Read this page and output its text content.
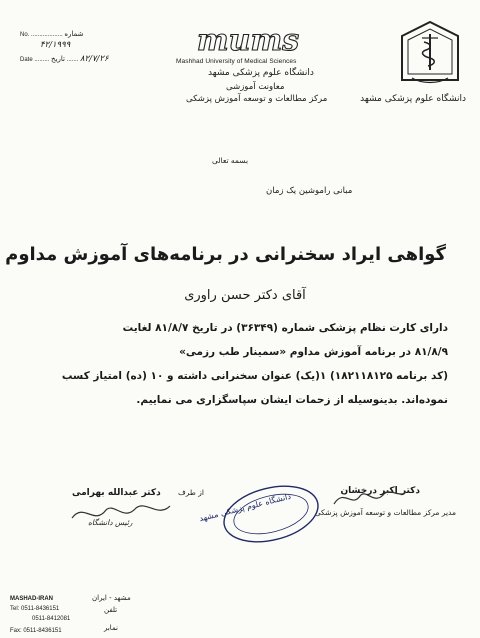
دانشگاه علوم پزشکی مشهد
mums
Mashhad University of Medical Sciences
دانشگاه علوم پزشکی مشهد
معاونت آموزشی
مرکز مطالعات و توسعه آموزش پزشکی
No. ................... شماره
۴۲/۱۹۹۹
Date .........	۸۲/۷/۲۶ ....... تاریخ
بسمه تعالی
مبانی راموشین یک زمان
گواهی ایراد سخنرانی در برنامه‌های آموزش مداوم
آقای دکتر حسن راوری
دارای کارت نظام پزشکی شماره (۳۶۳۴۹) در تاریخ ۸۱/۸/۷ لغایت
۸۱/۸/۹ در برنامه آموزش مداوم «سمینار طب رزمی»
(کد برنامه ۱۸۲۱۱۸۱۲۵) ۱(یک) عنوان سخنرانی داشته و ۱۰ (ده) امتیاز کسب
نموده‌اند. بدینوسیله از زحمات ایشان سپاسگزاری می نماییم.
دکتر اکبر درخشان
مدیر مرکز مطالعات و توسعه آموزش پزشکی
از طرف
دکتر عبدالله بهرامی
رئیس دانشگاه	دانشگاه علوم پزشکی مشهد
MASHAD-IRAN
Tel: 0511-8436151
0511-8412081
Fax: 0511-8436151
مشهد - ایران
تلفن
نمابر
